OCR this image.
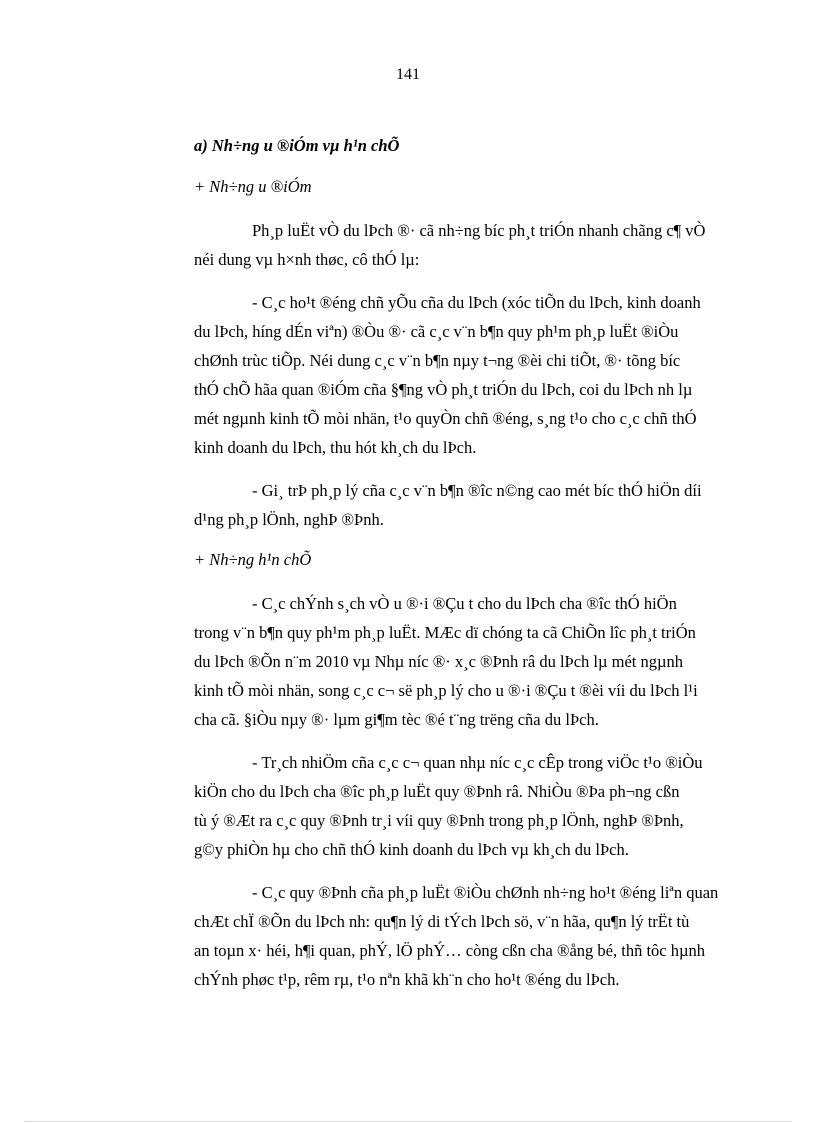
141

a) Nh÷ng u ®iÓm vµ h¹n chÕ

+ Nh÷ng u ®iÓm

Ph¸p luËt vÒ du lÞch ®· cã nh÷ng bíc ph¸t triÓn nhanh chãng c¶ vÒ
néi dung vµ h×nh thøc, cô thÓ lµ:

- C¸c ho¹t ®éng chñ yÕu cña du lÞch (xóc tiÕn du lÞch, kinh doanh
du lÞch, híng dÉn viªn) ®Òu ®· cã c¸c v¨n b¶n quy ph¹m ph¸p luËt ®iÒu
chØnh trùc tiÕp. Néi dung c¸c v¨n b¶n nµy t¬ng ®èi chi tiÕt, ®· tõng bíc
thÓ chÕ hãa quan ®iÓm cña §¶ng vÒ ph¸t triÓn du lÞch, coi du lÞch nh lµ
mét ngµnh kinh tÕ mòi nhän, t¹o quyÒn chñ ®éng, s¸ng t¹o cho c¸c chñ thÓ
kinh doanh du lÞch, thu hót kh¸ch du lÞch.

- Gi¸ trÞ ph¸p lý cña c¸c v¨n b¶n ®îc n©ng cao mét bíc thÓ hiÖn díi
d¹ng ph¸p lÖnh, nghÞ ®Þnh.

+ Nh÷ng h¹n chÕ

- C¸c chÝnh s¸ch vÒ u ®·i ®Çu t cho du lÞch cha ®îc thÓ hiÖn
trong v¨n b¶n quy ph¹m ph¸p luËt. MÆc dï chóng ta cã ChiÕn lîc ph¸t triÓn
du lÞch ®Õn n¨m 2010 vµ Nhµ níc ®· x¸c ®Þnh râ du lÞch lµ mét ngµnh
kinh tÕ mòi nhän, song c¸c c¬ së ph¸p lý cho u ®·i ®Çu t ®èi víi du lÞch l¹i
cha cã. §iÒu nµy ®· lµm gi¶m tèc ®é t¨ng trëng cña du lÞch.

- Tr¸ch nhiÖm cña c¸c c¬ quan nhµ níc c¸c cÊp trong viÖc t¹o ®iÒu
kiÖn cho du lÞch cha ®îc ph¸p luËt quy ®Þnh râ. NhiÒu ®Þa ph¬ng cßn
tù ý ®Æt ra c¸c quy ®Þnh tr¸i víi quy ®Þnh trong ph¸p lÖnh, nghÞ ®Þnh,
g©y phiÒn hµ cho chñ thÓ kinh doanh du lÞch vµ kh¸ch du lÞch.

- C¸c quy ®Þnh cña ph¸p luËt ®iÒu chØnh nh÷ng ho¹t ®éng liªn quan
chÆt chÏ ®Õn du lÞch nh: qu¶n lý di tÝch lÞch sö, v¨n hãa, qu¶n lý trËt tù
an toµn x· héi, h¶i quan, phÝ, lÖ phÝ… còng cßn cha ®ång bé, thñ tôc hµnh
chÝnh phøc t¹p, rêm rµ, t¹o nªn khã kh¨n cho ho¹t ®éng du lÞch.
